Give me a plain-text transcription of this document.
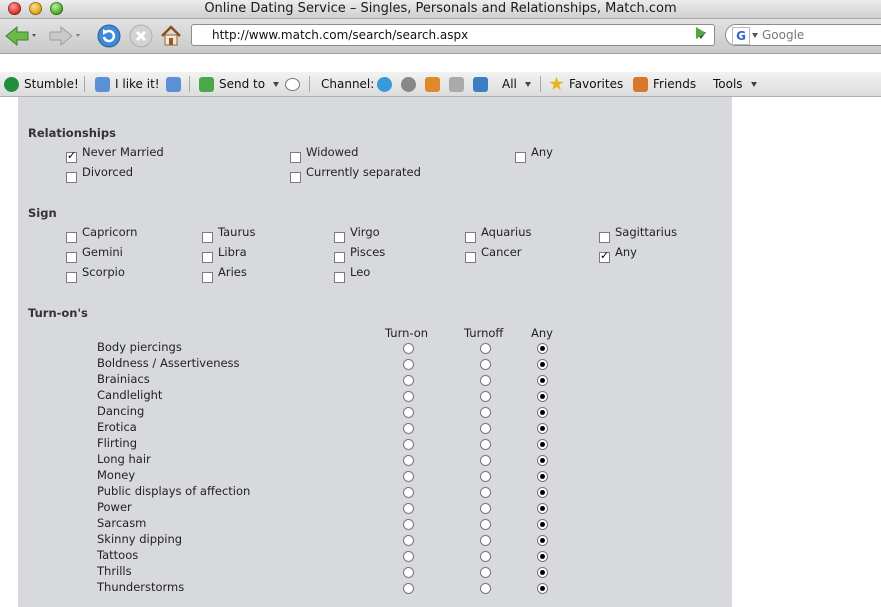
Online Dating Service – Singles, Personals and Relationships, Match.com
http://www.match.com/search/search.aspx	G	Google
Stumble!	I like it!	Send to	Channel:	All	Favorites Friends Tools
Relationships
✓
Never Married	Widowed	Any
Divorced	Currently separated
Sign
Capricorn	Taurus	Virgo	Aquarius	Sagittarius
Gemini	Libra	Pisces	Cancer
✓	Any
Scorpio	Aries	Leo
Turn-on's
Turn-on	Turnoff Any
Body piercings
Boldness / Assertiveness
Brainiacs
Candlelight
Dancing
Erotica
Flirting
Long hair
Money
Public displays of affection
Power
Sarcasm
Skinny dipping
Tattoos
Thrills
Thunderstorms
